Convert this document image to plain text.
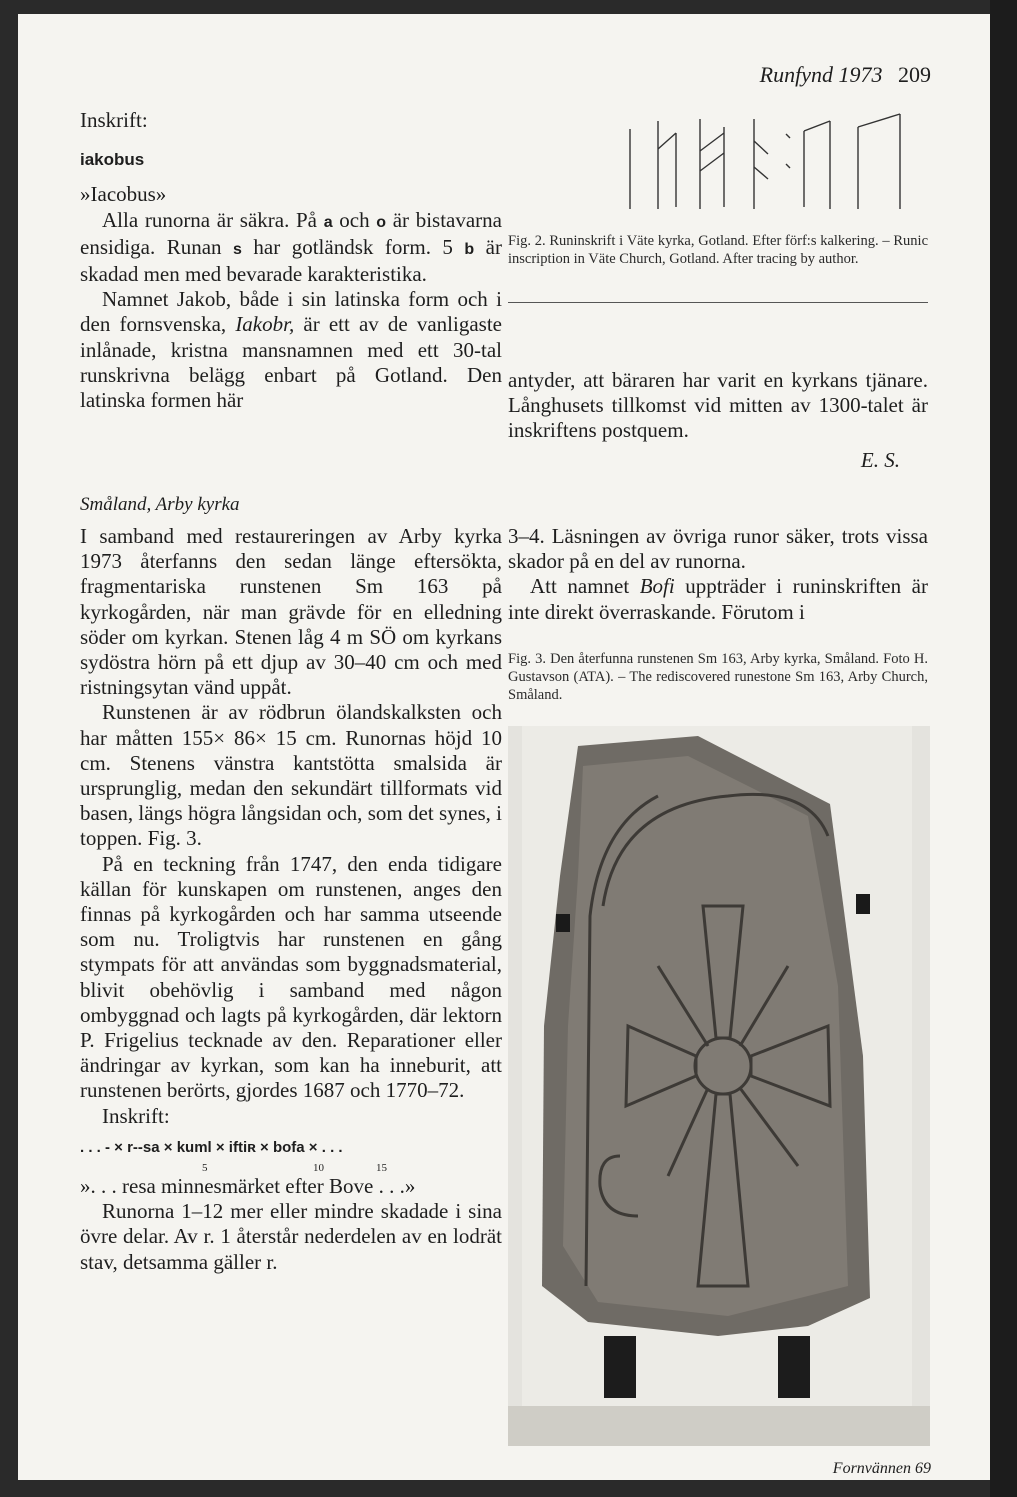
Runfynd 1973 209
Inskrift:
iakobus
»Iacobus»

Alla runorna är säkra. På a och o är bistavarna ensidiga. Runan s har gotländsk form. 5 b är skadad men med bevarade karakteristika.

Namnet Jakob, både i sin latinska form och i den fornsvenska, Iakobr, är ett av de vanligaste inlånade, kristna mansnamnen med ett 30-tal runskrivna belägg enbart på Gotland. Den latinska formen här

Fig. 2. Runinskrift i Väte kyrka, Gotland. Efter förf:s kalkering. – Runic inscription in Väte Church, Gotland. After tracing by author.

antyder, att bäraren har varit en kyrkans tjänare. Långhusets tillkomst vid mitten av 1300-talet är inskriftens postquem.

E. S.
Småland, Arby kyrka

I samband med restaureringen av Arby kyrka 1973 återfanns den sedan länge eftersökta, fragmentariska runstenen Sm 163 på kyrkogården, när man grävde för en elledning söder om kyrkan. Stenen låg 4 m SÖ om kyrkans sydöstra hörn på ett djup av 30–40 cm och med ristningsytan vänd uppåt.

Runstenen är av rödbrun ölandskalksten och har måtten 155× 86× 15 cm. Runornas höjd 10 cm. Stenens vänstra kantstötta smalsida är ursprunglig, medan den sekundärt tillformats vid basen, längs högra långsidan och, som det synes, i toppen. Fig. 3.

På en teckning från 1747, den enda tidigare källan för kunskapen om runstenen, anges den finnas på kyrkogården och har samma utseende som nu. Troligtvis har runstenen en gång stympats för att användas som byggnadsmaterial, blivit obehövlig i samband med någon ombyggnad och lagts på kyrkogården, där lektorn P. Frigelius tecknade av den. Reparationer eller ändringar av kyrkan, som kan ha inneburit, att runstenen berörts, gjordes 1687 och 1770–72.

Inskrift:

. . . - × r--sa × kuml × iftiʀ × bofa × . . .
5	10	15
». . . resa minnesmärket efter Bove . . .»

Runorna 1–12 mer eller mindre skadade i sina övre delar. Av r. 1 återstår nederdelen av en lodrät stav, detsamma gäller r.

3–4. Läsningen av övriga runor säker, trots vissa skador på en del av runorna.

Att namnet Bofi uppträder i runinskriften är inte direkt överraskande. Förutom i

Fig. 3. Den återfunna runstenen Sm 163, Arby kyrka, Småland. Foto H. Gustavson (ATA). – The rediscovered runestone Sm 163, Arby Church, Småland.
Fornvännen 69
